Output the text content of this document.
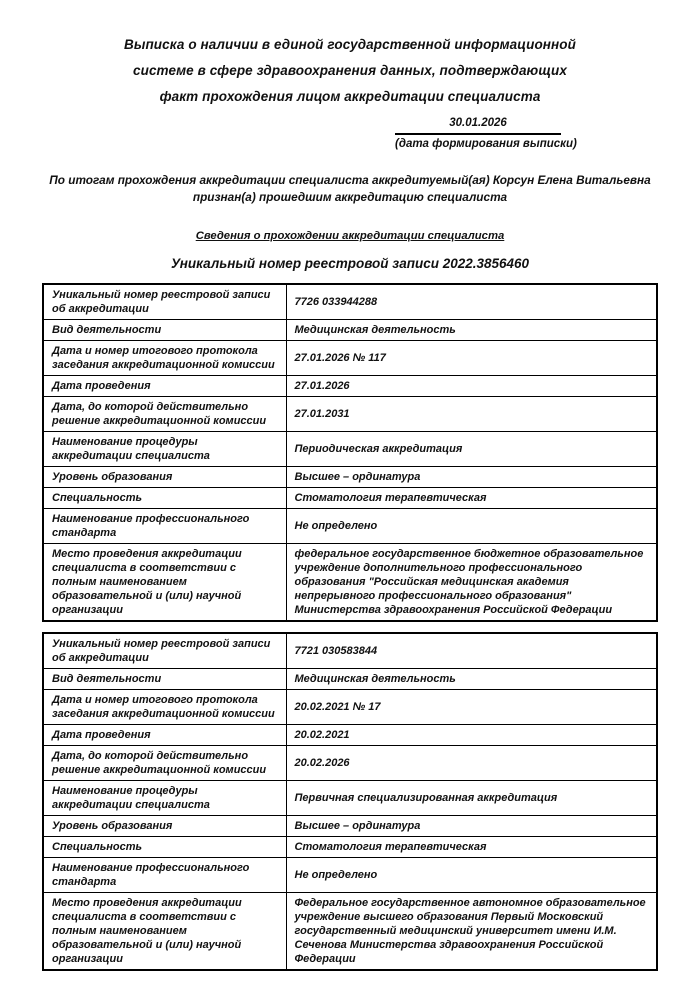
Выписка о наличии в единой государственной информационной системе в сфере здравоохранения данных, подтверждающих факт прохождения лицом аккредитации специалиста
30.01.2026
(дата формирования выписки)
По итогам прохождения аккредитации специалиста аккредитуемый(ая) Корсун Елена Витальевна признан(а) прошедшим аккредитацию специалиста
Сведения о прохождении аккредитации специалиста
Уникальный номер реестровой записи 2022.3856460
Уникальный номер реестровой записи об аккредитации	7726 033944288
Вид деятельности	Медицинская деятельность
Дата и номер итогового протокола заседания аккредитационной комиссии	27.01.2026 № 117
Дата проведения	27.01.2026
Дата, до которой действительно решение аккредитационной комиссии	27.01.2031
Наименование процедуры аккредитации специалиста	Периодическая аккредитация
Уровень образования	Высшее – ординатура
Специальность	Стоматология терапевтическая
Наименование профессионального стандарта	Не определено
Место проведения аккредитации специалиста в соответствии с полным наименованием образовательной и (или) научной организации	федеральное государственное бюджетное образовательное учреждение дополнительного профессионального образования "Российская медицинская академия непрерывного профессионального образования" Министерства здравоохранения Российской Федерации
Уникальный номер реестровой записи об аккредитации	7721 030583844
Вид деятельности	Медицинская деятельность
Дата и номер итогового протокола заседания аккредитационной комиссии	20.02.2021 № 17
Дата проведения	20.02.2021
Дата, до которой действительно решение аккредитационной комиссии	20.02.2026
Наименование процедуры аккредитации специалиста	Первичная специализированная аккредитация
Уровень образования	Высшее – ординатура
Специальность	Стоматология терапевтическая
Наименование профессионального стандарта	Не определено
Место проведения аккредитации специалиста в соответствии с полным наименованием образовательной и (или) научной организации	Федеральное государственное автономное образовательное учреждение высшего образования Первый Московский государственный медицинский университет имени И.М. Сеченова Министерства здравоохранения Российской Федерации
